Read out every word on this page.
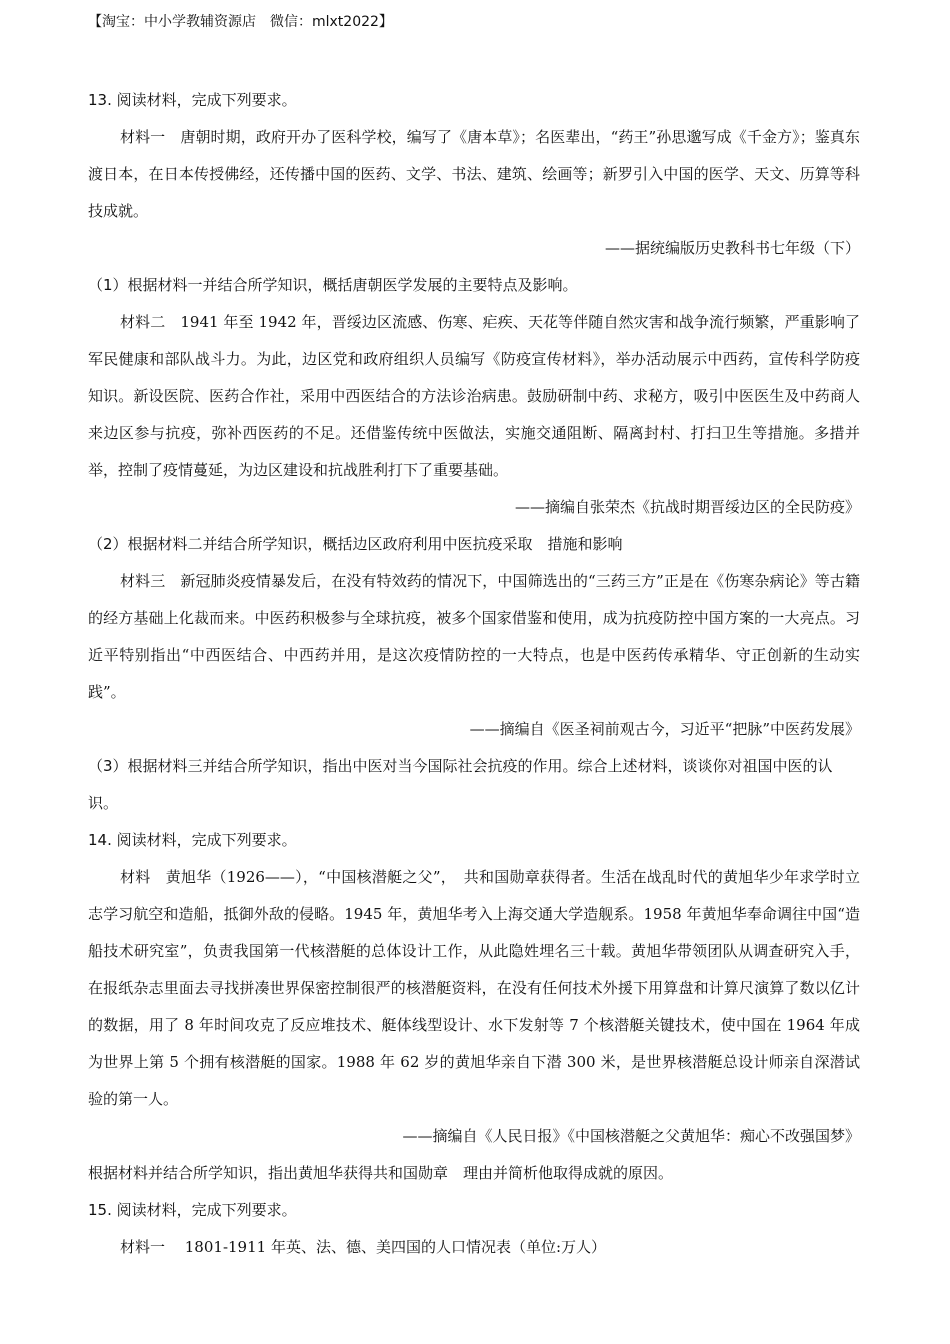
【淘宝：中小学教辅资源店　微信：mlxt2022】

13. 阅读材料，完成下列要求。

材料一　唐朝时期，政府开办了医科学校，编写了《唐本草》；名医辈出，“药王”孙思邈写成《千金方》；鉴真东渡日本，在日本传授佛经，还传播中国的医药、文学、书法、建筑、绘画等；新罗引入中国的医学、天文、历算等科技成就。

——据统编版历史教科书七年级（下）

（1）根据材料一并结合所学知识，概括唐朝医学发展的主要特点及影响。

材料二　1941 年至 1942 年，晋绥边区流感、伤寒、疟疾、天花等伴随自然灾害和战争流行频繁，严重影响了军民健康和部队战斗力。为此，边区党和政府组织人员编写《防疫宣传材料》，举办活动展示中西药，宣传科学防疫知识。新设医院、医药合作社，采用中西医结合的方法诊治病患。鼓励研制中药、求秘方，吸引中医医生及中药商人来边区参与抗疫，弥补西医药的不足。还借鉴传统中医做法，实施交通阻断、隔离封村、打扫卫生等措施。多措并举，控制了疫情蔓延，为边区建设和抗战胜利打下了重要基础。

——摘编自张荣杰《抗战时期晋绥边区的全民防疫》

（2）根据材料二并结合所学知识，概括边区政府利用中医抗疫采取　措施和影响

材料三　新冠肺炎疫情暴发后，在没有特效药的情况下，中国筛选出的“三药三方”正是在《伤寒杂病论》等古籍的经方基础上化裁而来。中医药积极参与全球抗疫，被多个国家借鉴和使用，成为抗疫防控中国方案的一大亮点。习近平特别指出“中西医结合、中西药并用，是这次疫情防控的一大特点，也是中医药传承精华、守正创新的生动实践”。

——摘编自《医圣祠前观古今，习近平“把脉”中医药发展》

（3）根据材料三并结合所学知识，指出中医对当今国际社会抗疫的作用。综合上述材料，谈谈你对祖国中医的认识。

14. 阅读材料，完成下列要求。

材料　黄旭华（1926——），“中国核潜艇之父”，　共和国勋章获得者。生活在战乱时代的黄旭华少年求学时立志学习航空和造船，抵御外敌的侵略。1945 年，黄旭华考入上海交通大学造舰系。1958 年黄旭华奉命调往中国“造船技术研究室”，负责我国第一代核潜艇的总体设计工作，从此隐姓埋名三十载。黄旭华带领团队从调查研究入手，在报纸杂志里面去寻找拼凑世界保密控制很严的核潜艇资料，在没有任何技术外援下用算盘和计算尺演算了数以亿计的数据，用了 8 年时间攻克了反应堆技术、艇体线型设计、水下发射等 7 个核潜艇关键技术，使中国在 1964 年成为世界上第 5 个拥有核潜艇的国家。1988 年 62 岁的黄旭华亲自下潜 300 米，是世界核潜艇总设计师亲自深潜试验的第一人。

——摘编自《人民日报》《中国核潜艇之父黄旭华：痴心不改强国梦》

根据材料并结合所学知识，指出黄旭华获得共和国勋章　理由并简析他取得成就的原因。

15. 阅读材料，完成下列要求。

材料一　 1801-1911 年英、法、德、美四国的人口情况表（单位:万人）
